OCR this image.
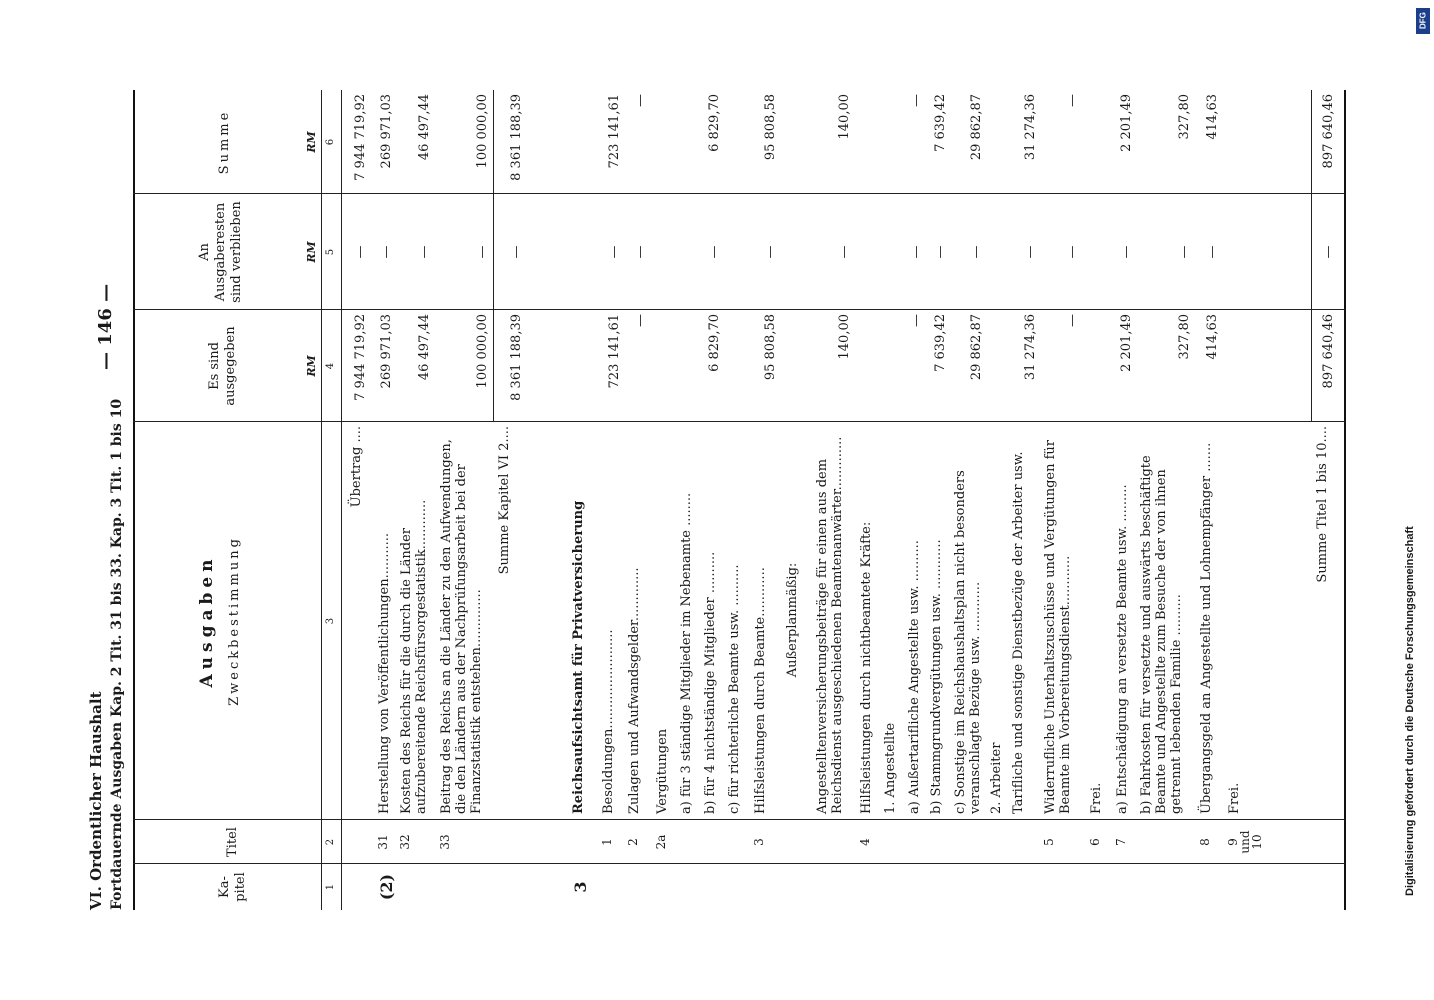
VI. Ordentlicher Haushalt Fortdauernde Ausgaben Kap. 2 Tit. 31 bis 33. Kap. 3 Tit. 1 bis 10
— 146 —
Ka-
pitel
Titel
Ausgaben Zweckbestimmung
Es sind
ausgegeben
An
Ausgaberesten
sind verblieben
Summe
RM
RM
RM
1
2
3
4
5
6
Übertrag ....
7 944 719,92
—
7 944 719,92
(2)
31
Herstellung von Veröffentlichungen...........
269 971,03
—
269 971,03
32
Kosten des Reichs für die durch die Länder aufzubereitende Reichsfürsorgestatistik............
46 497,44
—
46 497,44
33
Beitrag des Reichs an die Länder zu den Aufwendungen, die den Ländern aus der Nachprüfungsarbeit bei der Finanzstatistik entstehen..............
100 000,00
—
100 000,00
Summe Kapitel VI 2....
8 361 188,39
—
8 361 188,39
3
Reichsaufsichtsamt für Privatversicherung
1
Besoldungen........................
723 141,61
—
723 141,61
2
Zulagen und Aufwandsgelder.............
—
—
—
2a
Vergütungen a) für 3 ständige Mitglieder im Nebenamte ........ b) für 4 nichtständige Mitglieder ..........
6 829,70
—
6 829,70
c) für richterliche Beamte usw. ..........
3
Hilfsleistungen durch Beamte............
95 808,58
—
95 808,58
Außerplanmäßig: Angestelltenversicherungsbeiträge für einen aus dem Reichsdienst ausgeschiedenen Beamtenanwärter.............
140,00
—
140,00
4
Hilfsleistungen durch nichtbeamtete Kräfte: 1. Angestellte a) Außertarifliche Angestellte usw. ..........
—
—
—
b) Stammgrundvergütungen usw. ............
7 639,42
—
7 639,42
c) Sonstige im Reichshaushaltsplan nicht besonders veranschlagte Bezüge usw. ............
29 862,87
—
29 862,87
2. Arbeiter Tarifliche und sonstige Dienstbezüge der Arbeiter usw.
31 274,36
—
31 274,36
5
Widerrufliche Unterhaltszuschüsse und Vergütungen für Beamte im Vorbereitungsdienst............
—
—
—
6
Frei.
7
a) Entschädigung an versetzte Beamte usw. .........
2 201,49
—
2 201,49
b) Fahrkosten für versetzte und auswärts beschäftigte Beamte und Angestellte zum Besuche der von ihnen getrennt lebenden Familie ..........
327,80
—
327,80
8
Übergangsgeld an Angestellte und Lohnempfänger .......
414,63
—
414,63
9
und
10
Frei.
Summe Titel 1 bis 10....
897 640,46
—
897 640,46
Digitalisierung gefördert durch die Deutsche Forschungsgemeinschaft
DFG
